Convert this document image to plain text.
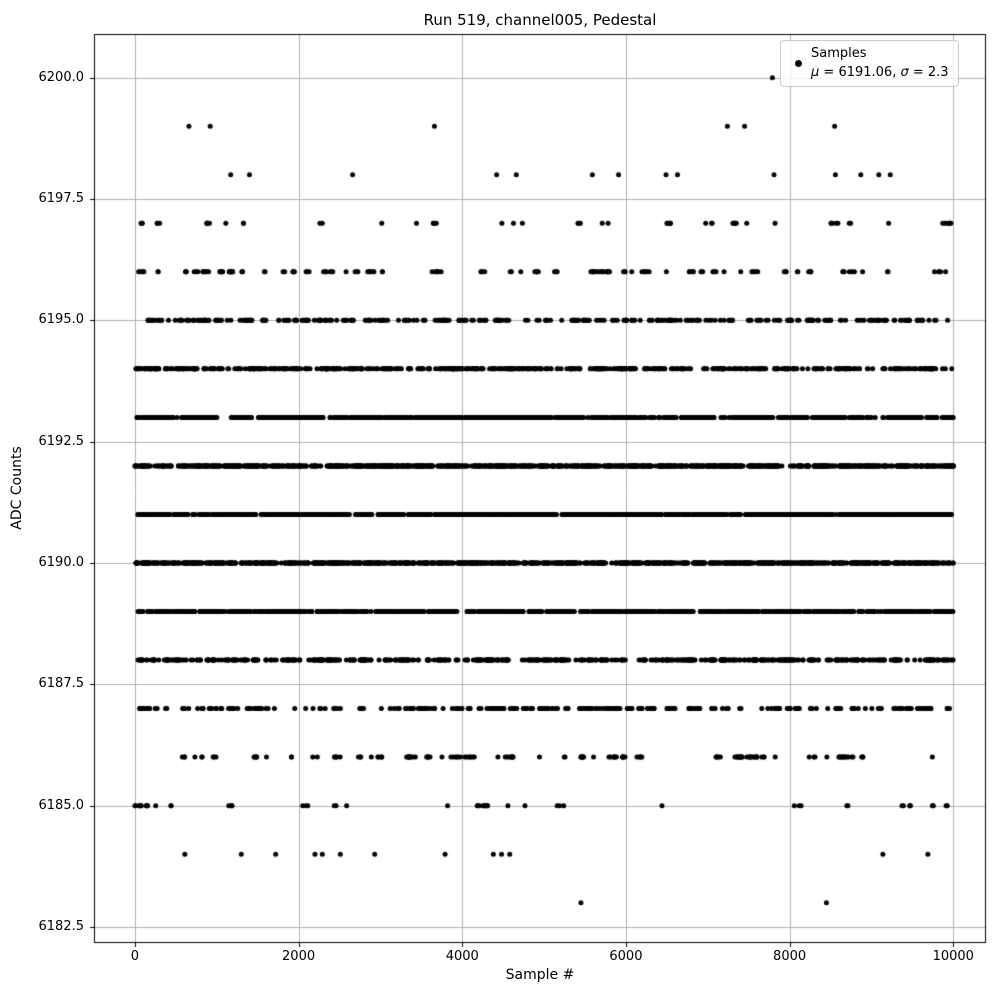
Run 519, channel005, Pedestal
Sample #
ADC Counts
0	2000	4000	6000	8000	10000
6182.5
6185.0
6187.5
6190.0
6192.5
6195.0
6197.5
6200.0
Samples
μ = 6191.06, σ = 2.3
